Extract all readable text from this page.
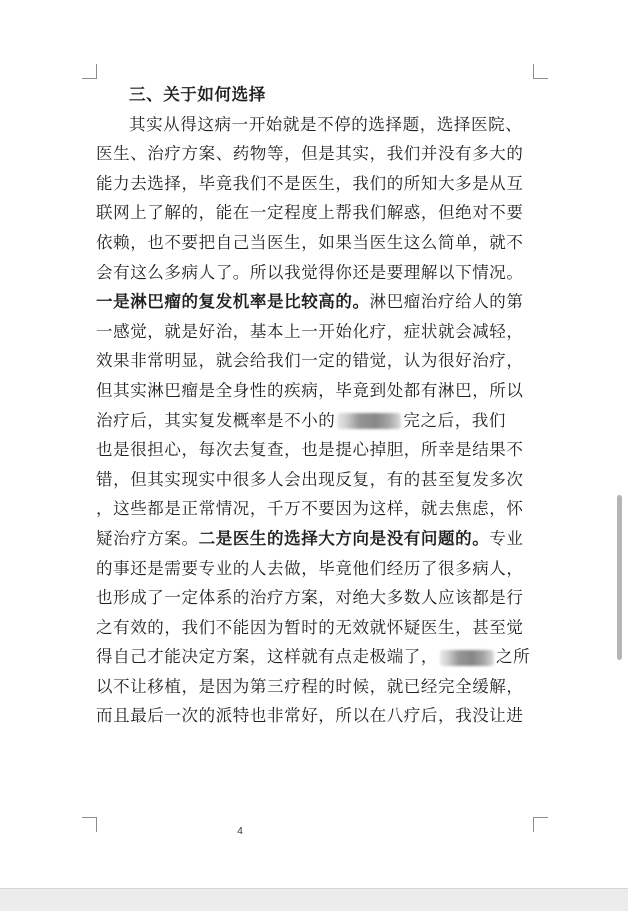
三、关于如何选择
其实从得这病一开始就是不停的选择题，选择医院、
医生、治疗方案、药物等，但是其实，我们并没有多大的
能力去选择，毕竟我们不是医生，我们的所知大多是从互
联网上了解的，能在一定程度上帮我们解惑，但绝对不要
依赖，也不要把自己当医生，如果当医生这么简单，就不
会有这么多病人了。所以我觉得你还是要理解以下情况。
一是淋巴瘤的复发机率是比较高的。淋巴瘤治疗给人的第
一感觉，就是好治，基本上一开始化疗，症状就会减轻，
效果非常明显，就会给我们一定的错觉，认为很好治疗，
但其实淋巴瘤是全身性的疾病，毕竟到处都有淋巴，所以
治疗后，其实复发概率是不小的	完之后，我们
也是很担心，每次去复查，也是提心掉胆，所幸是结果不
错，但其实现实中很多人会出现反复，有的甚至复发多次
，这些都是正常情况，千万不要因为这样，就去焦虑，怀
疑治疗方案。二是医生的选择大方向是没有问题的。专业
的事还是需要专业的人去做，毕竟他们经历了很多病人，
也形成了一定体系的治疗方案，对绝大多数人应该都是行
之有效的，我们不能因为暂时的无效就怀疑医生，甚至觉
得自己才能决定方案，这样就有点走极端了，	之所
以不让移植，是因为第三疗程的时候，就已经完全缓解，
而且最后一次的派特也非常好，所以在八疗后，我没让进
4
